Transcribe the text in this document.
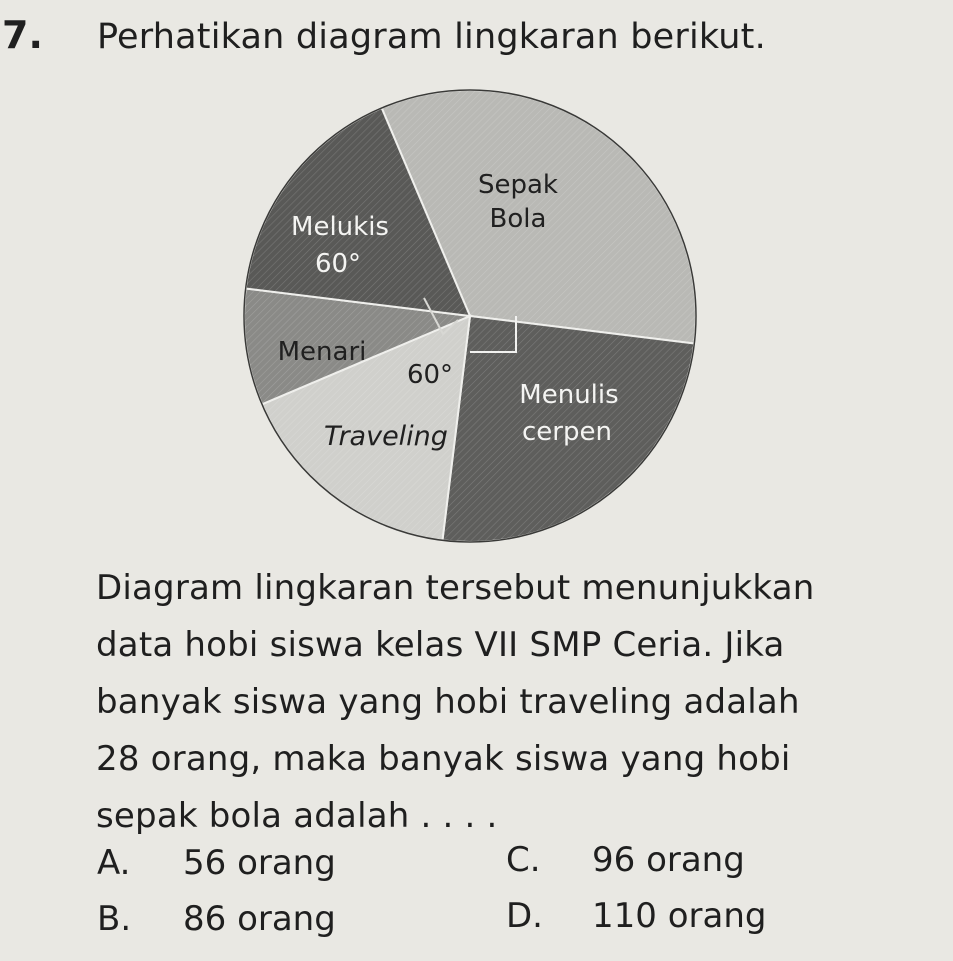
7. Perhatikan diagram lingkaran berikut.
Sepak
Bola
Melukis
60°
Menari
60°
Traveling
Menulis
cerpen

Diagram lingkaran tersebut menunjukkan

data hobi siswa kelas VII SMP Ceria. Jika

banyak siswa yang hobi traveling adalah

28 orang, maka banyak siswa yang hobi

sepak bola adalah . . . .

A. 56 orang
B. 86 orang
C. 96 orang
D. 110 orang
